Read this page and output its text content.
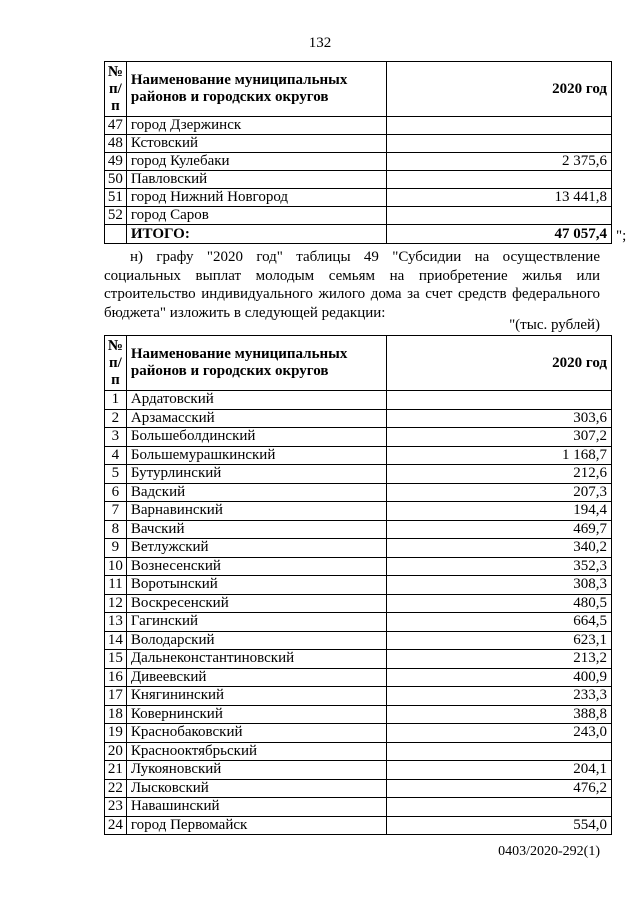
132
№ п/п	Наименование муниципальных районов и городских округов	2020 год
47	город Дзержинск	
48	Кстовский	
49	город Кулебаки	2 375,6
50	Павловский	
51	город Нижний Новгород	13 441,8
52	город Саров	
	ИТОГО:	47 057,4 ";

н) графу "2020 год" таблицы 49 "Субсидии на осуществление социальных выплат молодым семьям на приобретение жилья или строительство индивидуального жилого дома за счет средств федерального бюджета" изложить в следующей редакции:

"(тыс. рублей)
№ п/п	Наименование муниципальных районов и городских округов	2020 год
1	Ардатовский	
2	Арзамасский	303,6
3	Большеболдинский	307,2
4	Большемурашкинский	1 168,7
5	Бутурлинский	212,6
6	Вадский	207,3
7	Варнавинский	194,4
8	Вачский	469,7
9	Ветлужский	340,2
10	Вознесенский	352,3
11	Воротынский	308,3
12	Воскресенский	480,5
13	Гагинский	664,5
14	Володарский	623,1
15	Дальнеконстантиновский	213,2
16	Дивеевский	400,9
17	Княгининский	233,3
18	Ковернинский	388,8
19	Краснобаковский	243,0
20	Краснооктябрьский	
21	Лукояновский	204,1
22	Лысковский	476,2
23	Навашинский	
24	город Первомайск	554,0
0403/2020-292(1)
